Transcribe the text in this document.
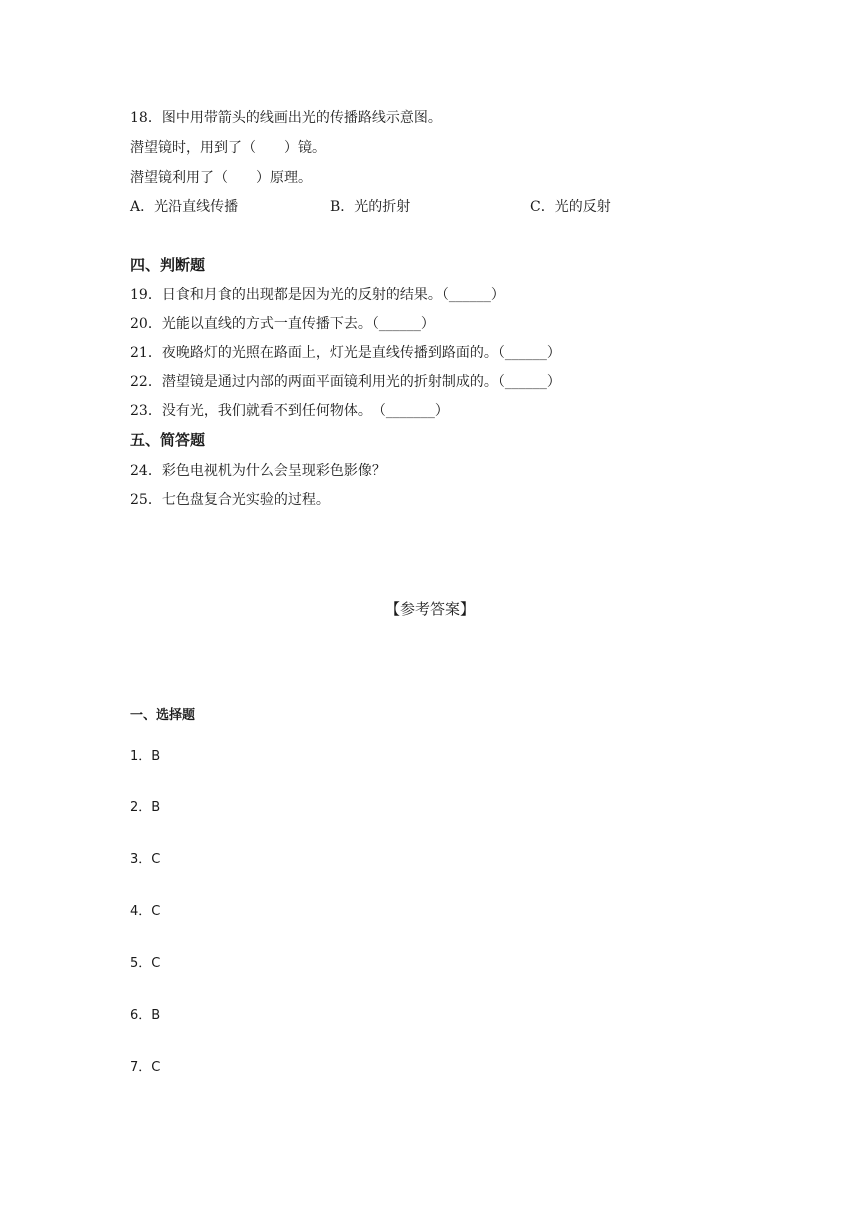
18．图中用带箭头的线画出光的传播路线示意图。
潜望镜时，用到了（　　）镜。
潜望镜利用了（　　）原理。
A．光沿直线传播	B．光的折射	C．光的反射
四、判断题
19．日食和月食的出现都是因为光的反射的结果。（______）
20．光能以直线的方式一直传播下去。（______）
21．夜晚路灯的光照在路面上，灯光是直线传播到路面的。（______）
22．潜望镜是通过内部的两面平面镜利用光的折射制成的。（______）
23．没有光，我们就看不到任何物体。　（_______）
五、简答题
24．彩色电视机为什么会呈现彩色影像？
25．七色盘复合光实验的过程。
【参考答案】
一、选择题
1．B
2．B
3．C
4．C
5．C
6．B
7．C
